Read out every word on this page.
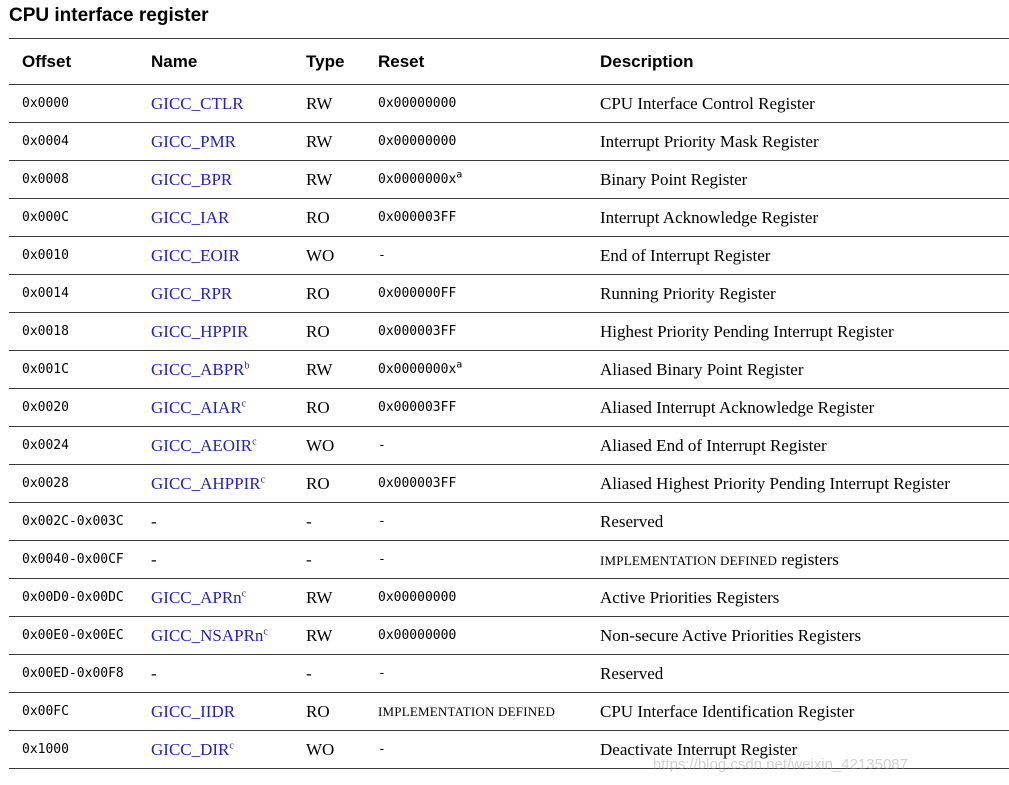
CPU interface register
Offset	Name	Type	Reset	Description
0x0000	GICC_CTLR	RW	0x00000000	CPU Interface Control Register
0x0004	GICC_PMR	RW	0x00000000	Interrupt Priority Mask Register
0x0008	GICC_BPR	RW	$0x0000000x^a$	Binary Point Register
0x000C	GICC_IAR	RO	0x000003FF	Interrupt Acknowledge Register
0x0010	GICC_EOIR	WO	-	End of Interrupt Register
0x0014	GICC_RPR	RO	0x000000FF	Running Priority Register
0x0018	GICC_HPPIR	RO	0x000003FF	Highest Priority Pending Interrupt Register
0x001C	GICC_ABPR$^b$	RW	$0x0000000x^a$	Aliased Binary Point Register
0x0020	GICC_AIAR$^c$	RO	0x000003FF	Aliased Interrupt Acknowledge Register
0x0024	GICC_AEOIR$^c$	WO	-	Aliased End of Interrupt Register
0x0028	GICC_AHPPIR$^c$	RO	0x000003FF	Aliased Highest Priority Pending Interrupt Register
0x002C-0x003C	-	-	-	Reserved
0x0040-0x00CF	-	-	-	IMPLEMENTATION DEFINED registers
0x00D0-0x00DC	GICC_APRn$^c$	RW	0x00000000	Active Priorities Registers
0x00E0-0x00EC	GICC_NSAPRn$^c$	RW	0x00000000	Non-secure Active Priorities Registers
0x00ED-0x00F8	-	-	-	Reserved
0x00FC	GICC_IIDR	RO	IMPLEMENTATION DEFINED	CPU Interface Identification Register
0x1000	GICC_DIR$^c$	WO	-	Deactivate Interrupt Register
https://blog.csdn.net/weixin_42135087
